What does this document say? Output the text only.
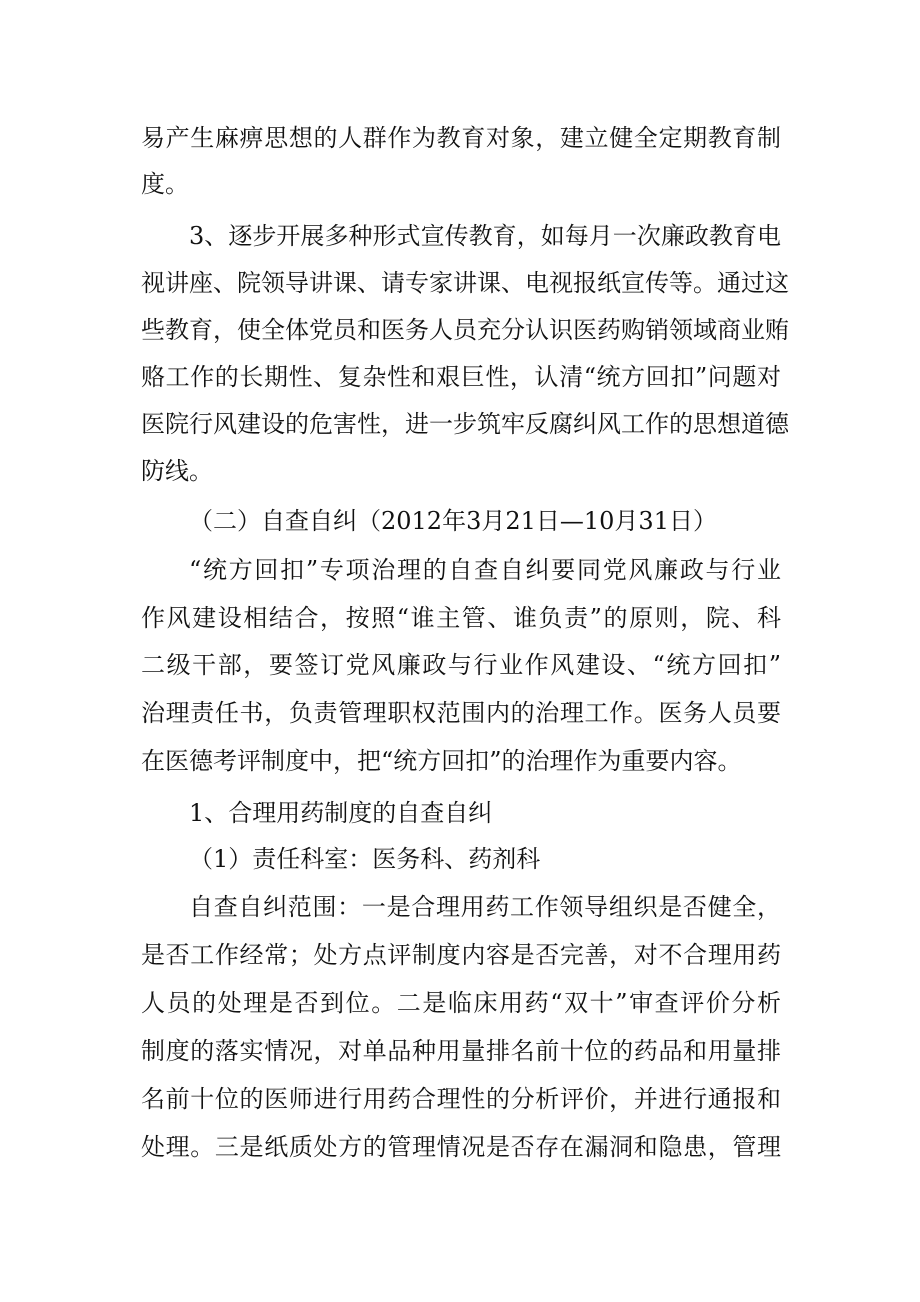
易产生麻痹思想的人群作为教育对象，建立健全定期教育制
度。
3、逐步开展多种形式宣传教育，如每月一次廉政教育电
视讲座、院领导讲课、请专家讲课、电视报纸宣传等。通过这
些教育，使全体党员和医务人员充分认识医药购销领域商业贿
赂工作的长期性、复杂性和艰巨性，认清“统方回扣”问题对
医院行风建设的危害性，进一步筑牢反腐纠风工作的思想道德
防线。
（二）自查自纠（2012年3月21日—10月31日）
“统方回扣”专项治理的自查自纠要同党风廉政与行业
作风建设相结合，按照“谁主管、谁负责”的原则，院、科
二级干部，要签订党风廉政与行业作风建设、“统方回扣”
治理责任书，负责管理职权范围内的治理工作。医务人员要
在医德考评制度中，把“统方回扣”的治理作为重要内容。
1、合理用药制度的自查自纠
（1）责任科室：医务科、药剂科
自查自纠范围：一是合理用药工作领导组织是否健全，
是否工作经常；处方点评制度内容是否完善，对不合理用药
人员的处理是否到位。二是临床用药“双十”审查评价分析
制度的落实情况，对单品种用量排名前十位的药品和用量排
名前十位的医师进行用药合理性的分析评价，并进行通报和
处理。三是纸质处方的管理情况是否存在漏洞和隐患，管理
